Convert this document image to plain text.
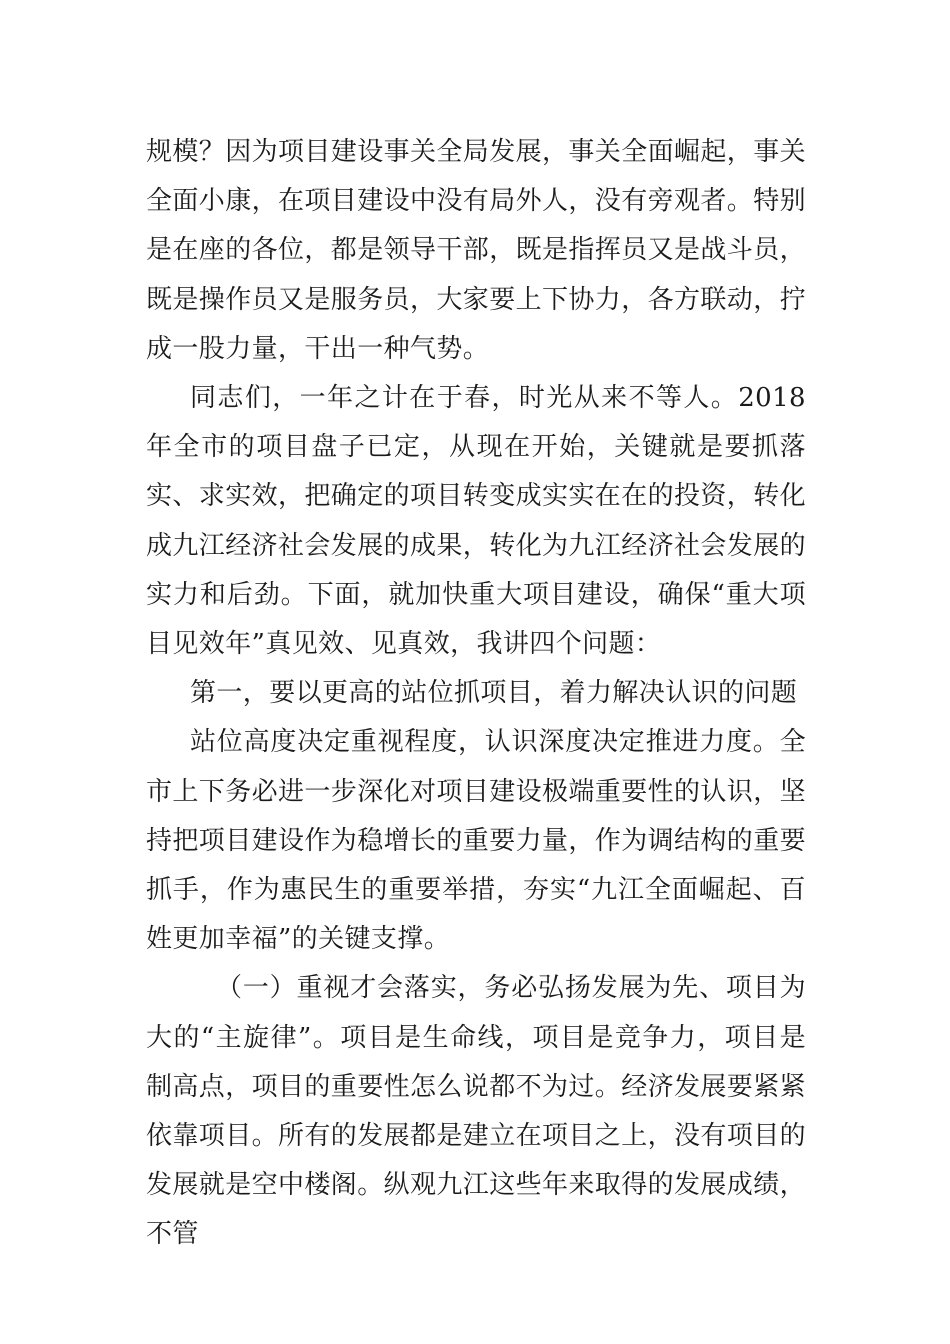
规模？因为项目建设事关全局发展，事关全面崛起，事关全面小康，在项目建设中没有局外人，没有旁观者。特别是在座的各位，都是领导干部，既是指挥员又是战斗员，既是操作员又是服务员，大家要上下协力，各方联动，拧成一股力量，干出一种气势。

同志们，一年之计在于春，时光从来不等人。2018年全市的项目盘子已定，从现在开始，关键就是要抓落实、求实效，把确定的项目转变成实实在在的投资，转化成九江经济社会发展的成果，转化为九江经济社会发展的实力和后劲。下面，就加快重大项目建设，确保“重大项目见效年”真见效、见真效，我讲四个问题：

第一，要以更高的站位抓项目，着力解决认识的问题

站位高度决定重视程度，认识深度决定推进力度。全市上下务必进一步深化对项目建设极端重要性的认识，坚持把项目建设作为稳增长的重要力量，作为调结构的重要抓手，作为惠民生的重要举措，夯实“九江全面崛起、百姓更加幸福”的关键支撑。

（一）重视才会落实，务必弘扬发展为先、项目为大的“主旋律”。项目是生命线，项目是竞争力，项目是制高点，项目的重要性怎么说都不为过。经济发展要紧紧依靠项目。所有的发展都是建立在项目之上，没有项目的发展就是空中楼阁。纵观九江这些年来取得的发展成绩，不管
